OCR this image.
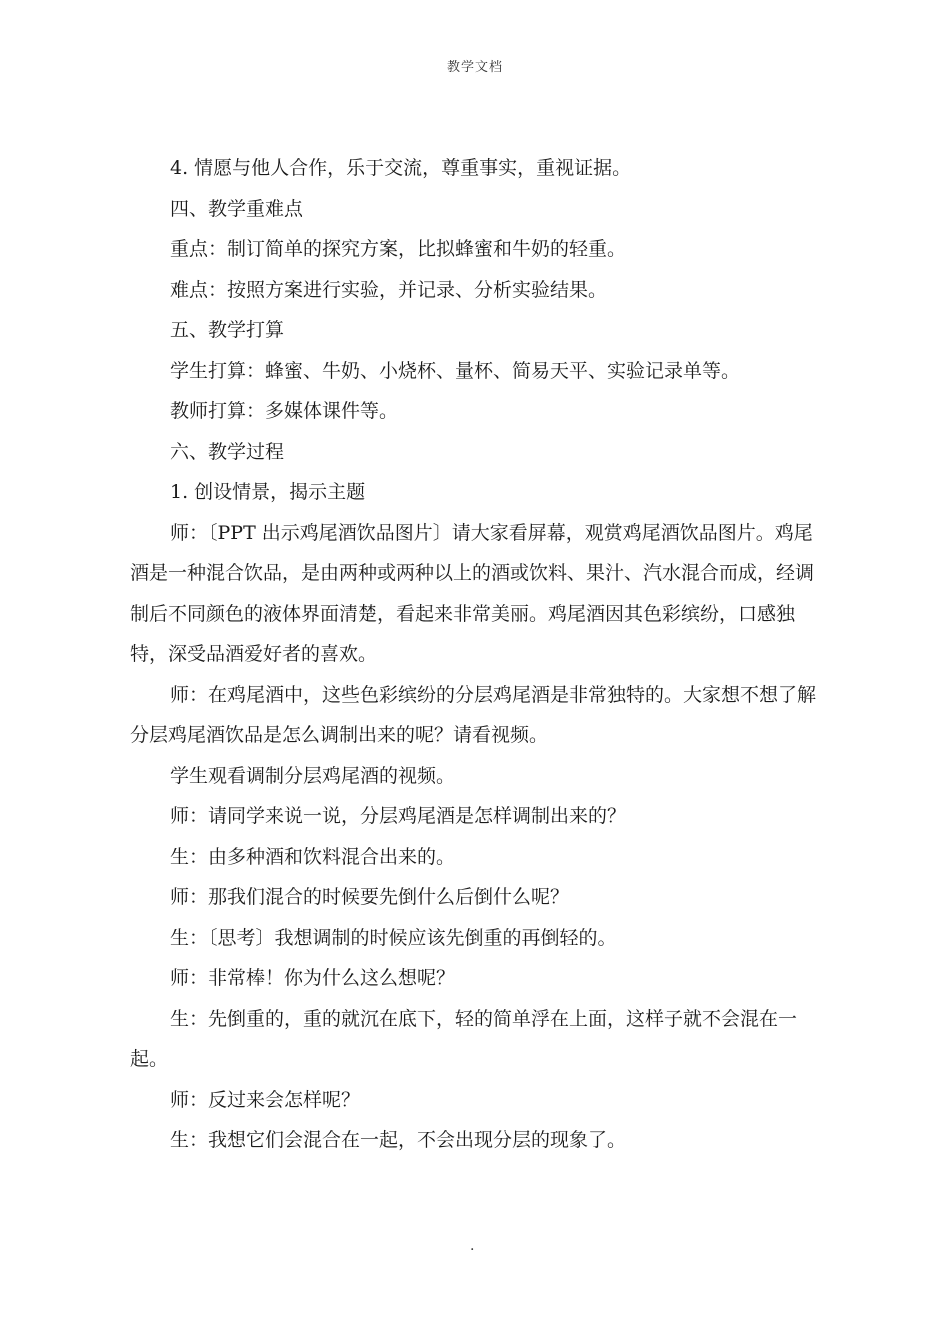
教学文档

4. 情愿与他人合作，乐于交流，尊重事实，重视证据。

四、教学重难点

重点：制订简单的探究方案，比拟蜂蜜和牛奶的轻重。

难点：按照方案进行实验，并记录、分析实验结果。

五、教学打算

学生打算：蜂蜜、牛奶、小烧杯、量杯、简易天平、实验记录单等。

教师打算：多媒体课件等。

六、教学过程

1. 创设情景，揭示主题

师：〔PPT 出示鸡尾酒饮品图片〕请大家看屏幕，观赏鸡尾酒饮品图片。鸡尾酒是一种混合饮品，是由两种或两种以上的酒或饮料、果汁、汽水混合而成，经调制后不同颜色的液体界面清楚，看起来非常美丽。鸡尾酒因其色彩缤纷，口感独特，深受品酒爱好者的喜欢。

师：在鸡尾酒中，这些色彩缤纷的分层鸡尾酒是非常独特的。大家想不想了解分层鸡尾酒饮品是怎么调制出来的呢？请看视频。

学生观看调制分层鸡尾酒的视频。

师：请同学来说一说，分层鸡尾酒是怎样调制出来的？

生：由多种酒和饮料混合出来的。

师：那我们混合的时候要先倒什么后倒什么呢？

生：〔思考〕我想调制的时候应该先倒重的再倒轻的。

师：非常棒！你为什么这么想呢？

生：先倒重的，重的就沉在底下，轻的简单浮在上面，这样子就不会混在一起。

师：反过来会怎样呢？

生：我想它们会混合在一起，不会出现分层的现象了。

.
